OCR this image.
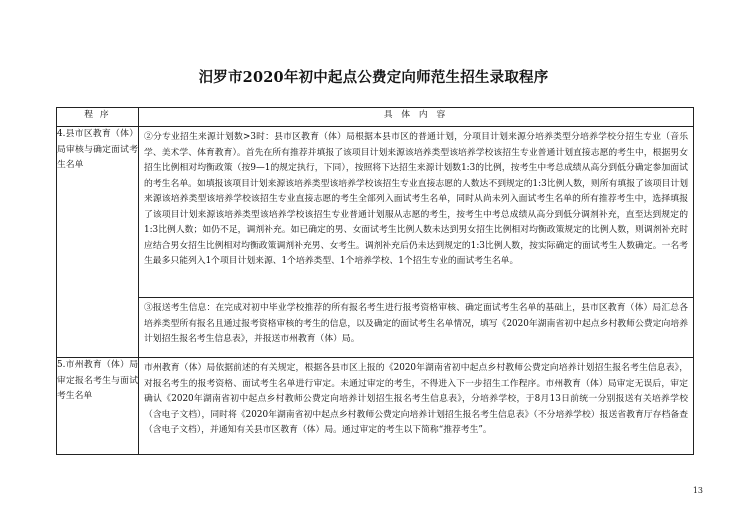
汨罗市2020年初中起点公费定向师范生招生录取程序
程 序	具 体 内 容
4.县市区教育（体）局审核与确定面试考生名单	②分专业招生来源计划数>3时：县市区教育（体）局根据本县市区的普通计划，分项目计划来源分培养类型分培养学校分招生专业（音乐学、美术学、体育教育）。首先在所有推荐并填报了该项目计划来源该培养类型该培养学校该招生专业普通计划直接志愿的考生中，根据男女招生比例相对均衡政策（按9—1的规定执行，下同），按照将下达招生来源计划数1:3的比例，按考生中考总成绩从高分到低分确定参加面试的考生名单。如填报该项目计划来源该培养类型该培养学校该招生专业直接志愿的人数达不到规定的1:3比例人数，则所有填报了该项目计划来源该培养类型该培养学校该招生专业直接志愿的考生全部列入面试考生名单，同时从尚未列入面试考生名单的所有推荐考生中，选择填报了该项目计划来源该培养类型该培养学校该招生专业普通计划服从志愿的考生，按考生中考总成绩从高分到低分调剂补充，直至达到规定的1:3比例人数；如仍不足，调剂补充。如已确定的男、女面试考生比例人数未达到男女招生比例相对均衡政策规定的比例人数，则调剂补充时应结合男女招生比例相对均衡政策调剂补充男、女考生。调剂补充后仍未达到规定的1:3比例人数，按实际确定的面试考生人数确定。一名考生最多只能列入1个项目计划来源、1个培养类型、1个培养学校、1个招生专业的面试考生名单。

	③报送考生信息：在完成对初中毕业学校推荐的所有报名考生进行报考资格审核、确定面试考生名单的基础上，县市区教育（体）局汇总各培养类型所有报名且通过报考资格审核的考生的信息，以及确定的面试考生名单情况，填写《2020年湖南省初中起点乡村教师公费定向培养计划招生报名考生信息表》，并报送市州教育（体）局。

5.市州教育（体）局审定报名考生与面试考生名单	市州教育（体）局依据前述的有关规定，根据各县市区上报的《2020年湖南省初中起点乡村教师公费定向培养计划招生报名考生信息表》，对报名考生的报考资格、面试考生名单进行审定。未通过审定的考生，不得进入下一步招生工作程序。市州教育（体）局审定无误后，审定确认《2020年湖南省初中起点乡村教师公费定向培养计划招生报名考生信息表》，分培养学校，于8月13日前统一分别报送有关培养学校（含电子文档），同时将《2020年湖南省初中起点乡村教师公费定向培养计划招生报名考生信息表》（不分培养学校）报送省教育厅存档备查（含电子文档），并通知有关县市区教育（体）局。通过审定的考生以下简称“推荐考生”。
13
